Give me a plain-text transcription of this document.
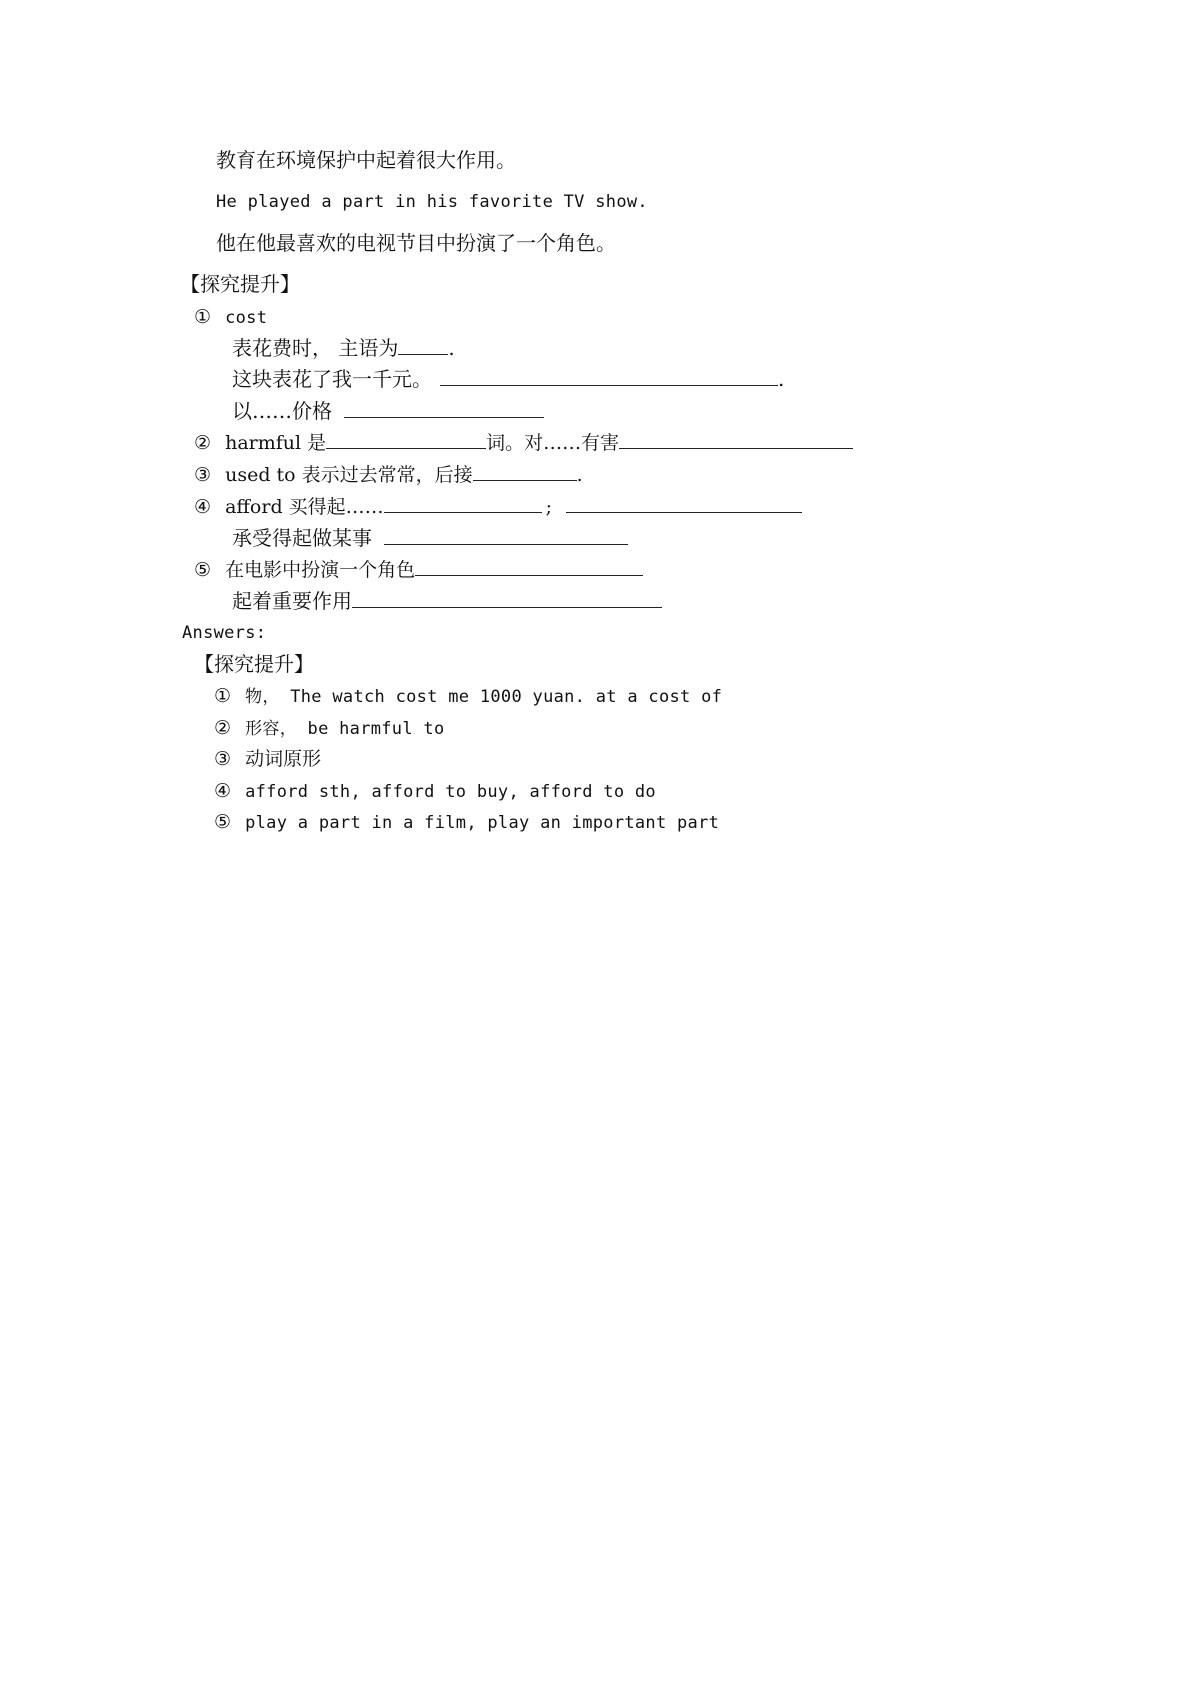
教育在环境保护中起着很大作用。
He played a part in his favorite TV show.
他在他最喜欢的电视节目中扮演了一个角色。
【探究提升】
① cost
表花费时， 主语为	.
这块表花了我一千元。	.
以……价格
② harmful 是	词。对……有害
③ used to 表示过去常常，后接	.
④ afford 买得起……	;
承受得起做某事
⑤ 在电影中扮演一个角色
起着重要作用
Answers:
【探究提升】
① 物， The watch cost me 1000 yuan. at a cost of
② 形容， be harmful to
③ 动词原形
④ afford sth, afford to buy, afford to do
⑤ play a part in a film, play an important part
